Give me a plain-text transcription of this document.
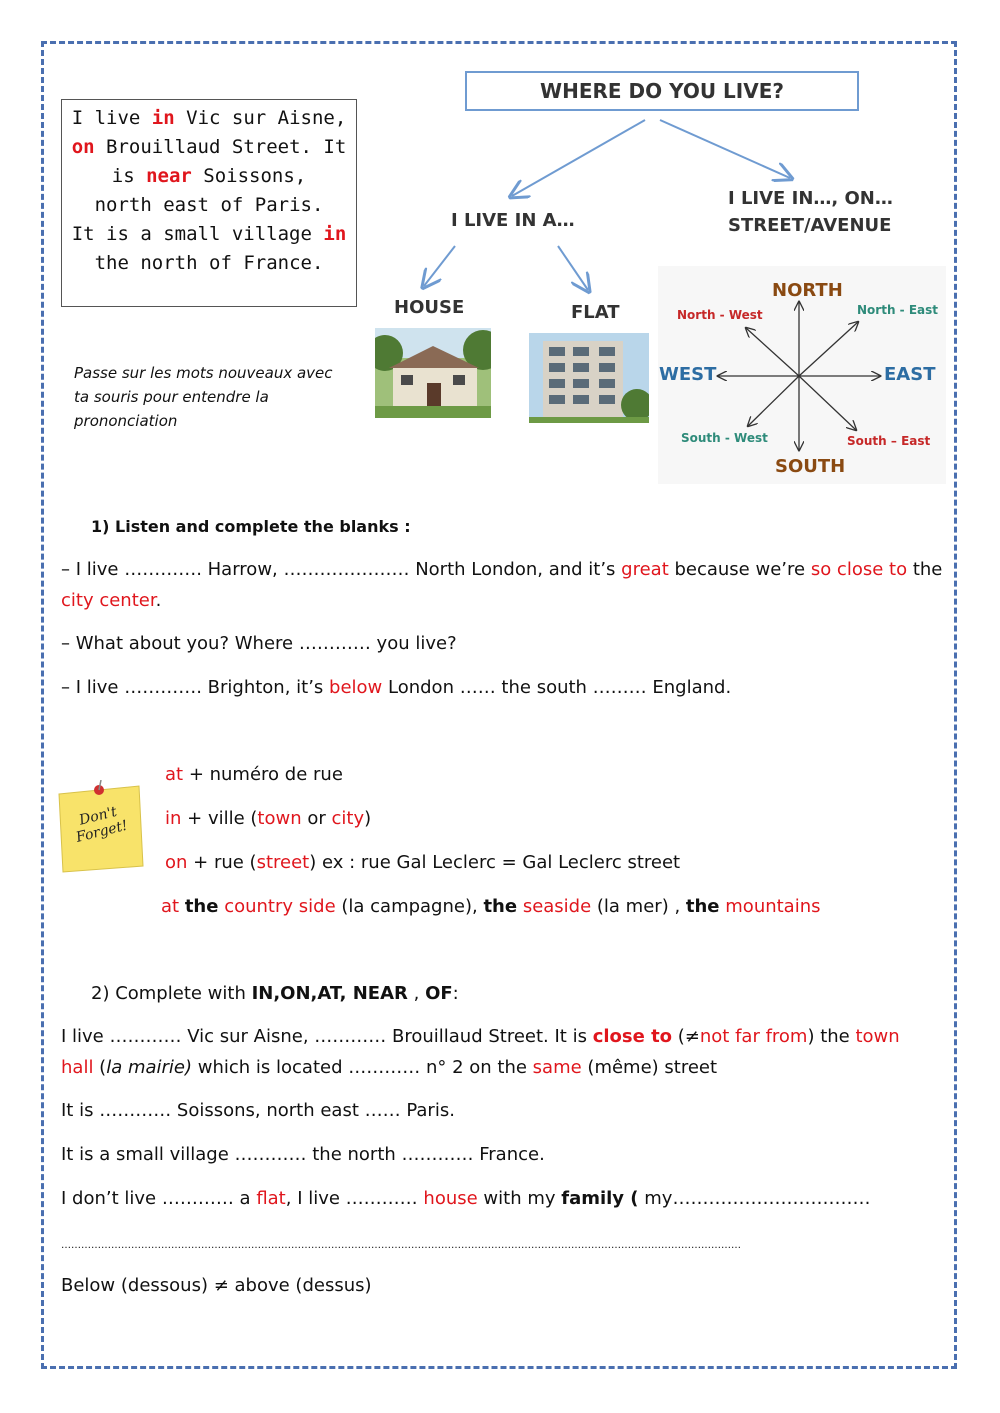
I live in Vic sur Aisne,
on Brouillaud Street. It
is near Soissons,
north east of Paris.
It is a small village in
the north of France.
Passe sur les mots nouveaux avec ta souris pour entendre la prononciation
WHERE DO YOU LIVE?
I LIVE IN A…
I LIVE IN…, ON…
STREET/AVENUE
HOUSE	FLAT
NORTH
SOUTH
WEST	EAST
North - West	North - East
South - West	South – East
1) Listen and complete the blanks :
– I live …………. Harrow, ………………… North London, and it’s great because we’re so close to the
city center.
– What about you? Where ………… you live?
– I live …………. Brighton, it’s below London …… the south ……… England.
Don't Forget!
at + numéro de rue
in + ville (town or city)
on + rue (street) ex : rue Gal Leclerc = Gal Leclerc street
at the country side (la campagne), the seaside (la mer) , the mountains
2) Complete with IN,ON,AT, NEAR , OF:
I live ………… Vic sur Aisne, ………… Brouillaud Street. It is close to (≠not far from) the town
hall (la mairie) which is located ………… n° 2 on the same (même) street
It is ………… Soissons, north east …… Paris.
It is a small village ………… the north ………… France.
I don’t live ………… a flat, I live ………… house with my family ( my……………………………
……………………………………………………………………………………………………………………………………………………………………………………
Below (dessous) ≠ above (dessus)
